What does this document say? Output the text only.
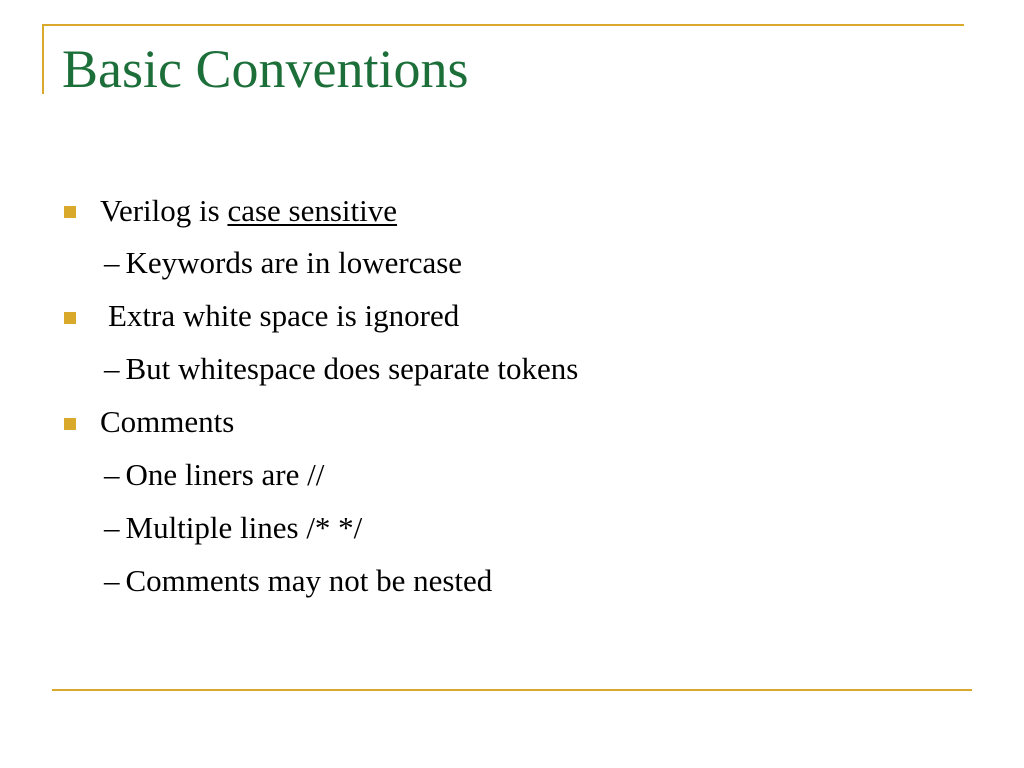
Basic Conventions
Verilog is case sensitive
– Keywords are in lowercase
Extra white space is ignored
– But whitespace does separate tokens
Comments
– One liners are //
– Multiple lines /* */
– Comments may not be nested
